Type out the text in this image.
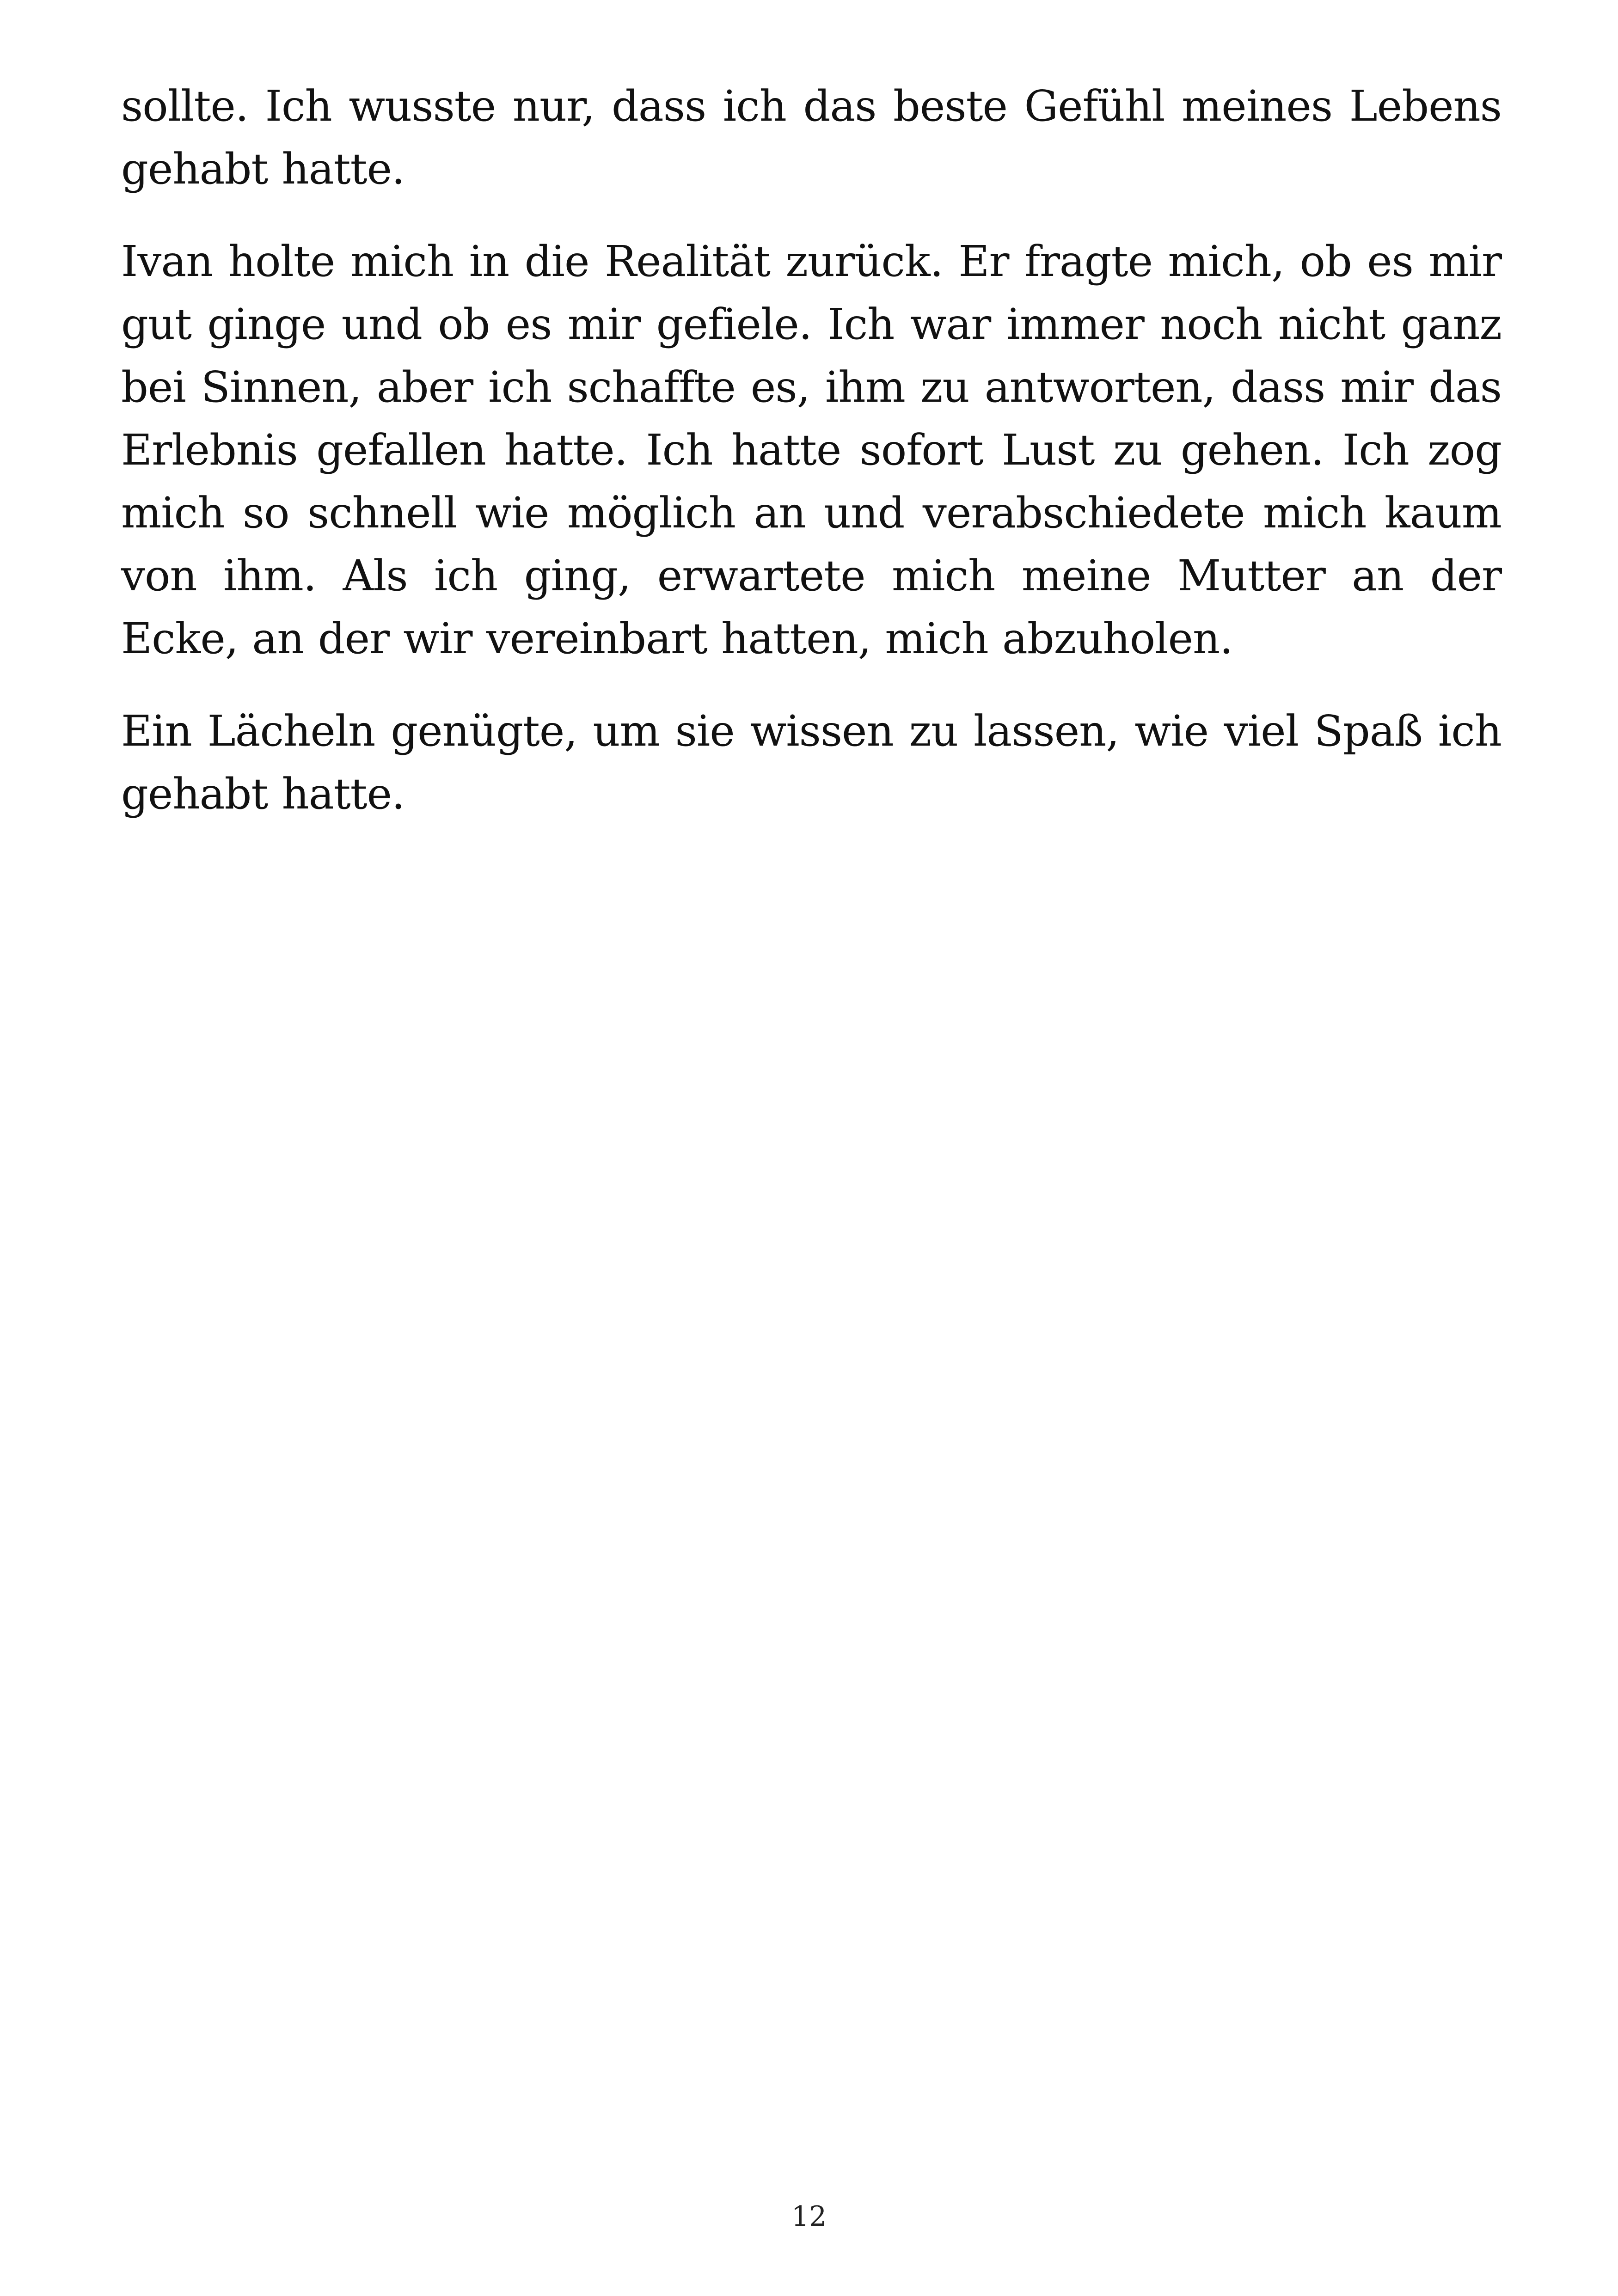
sollte. Ich wusste nur, dass ich das beste Gefühl meines Lebens gehabt hatte.

Ivan holte mich in die Realität zurück. Er fragte mich, ob es mir gut ginge und ob es mir gefiele. Ich war immer noch nicht ganz bei Sinnen, aber ich schaffte es, ihm zu antworten, dass mir das Erlebnis gefallen hatte. Ich hatte sofort Lust zu gehen. Ich zog mich so schnell wie möglich an und verabschiedete mich kaum von ihm. Als ich ging, erwartete mich meine Mutter an der Ecke, an der wir vereinbart hatten, mich abzuholen.

Ein Lächeln genügte, um sie wissen zu lassen, wie viel Spaß ich gehabt hatte.

12
